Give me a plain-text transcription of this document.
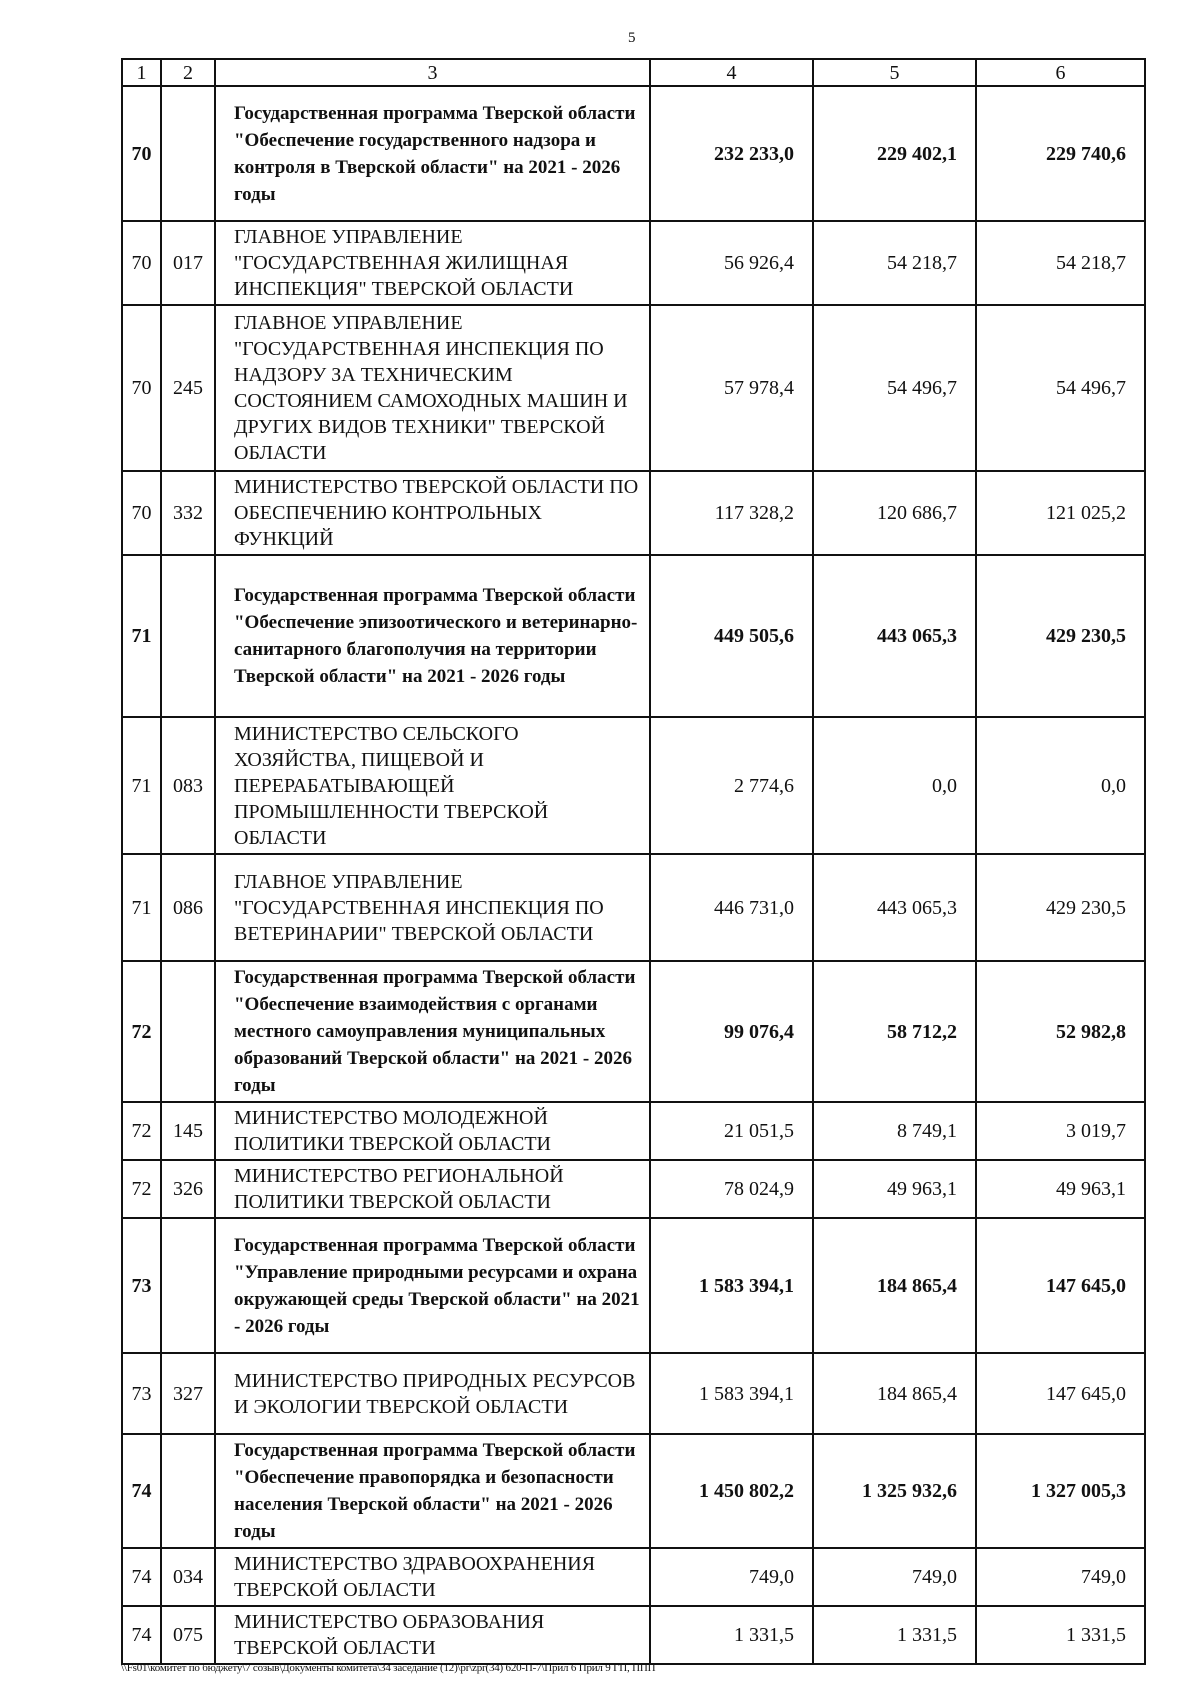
5
1	2	3	4	5	6
70		Государственная программа Тверской области "Обеспечение государственного надзора и контроля в Тверской области" на 2021 - 2026 годы	232 233,0	229 402,1	229 740,6
70	017	ГЛАВНОЕ УПРАВЛЕНИЕ "ГОСУДАРСТВЕННАЯ ЖИЛИЩНАЯ ИНСПЕКЦИЯ" ТВЕРСКОЙ ОБЛАСТИ	56 926,4	54 218,7	54 218,7
70	245	ГЛАВНОЕ УПРАВЛЕНИЕ "ГОСУДАРСТВЕННАЯ ИНСПЕКЦИЯ ПО НАДЗОРУ ЗА ТЕХНИЧЕСКИМ СОСТОЯНИЕМ САМОХОДНЫХ МАШИН И ДРУГИХ ВИДОВ ТЕХНИКИ" ТВЕРСКОЙ ОБЛАСТИ	57 978,4	54 496,7	54 496,7
70	332	МИНИСТЕРСТВО ТВЕРСКОЙ ОБЛАСТИ ПО ОБЕСПЕЧЕНИЮ КОНТРОЛЬНЫХ ФУНКЦИЙ	117 328,2	120 686,7	121 025,2
71		Государственная программа Тверской области "Обеспечение эпизоотического и ветеринарно-санитарного благополучия на территории Тверской области" на 2021 - 2026 годы	449 505,6	443 065,3	429 230,5
71	083	МИНИСТЕРСТВО СЕЛЬСКОГО ХОЗЯЙСТВА, ПИЩЕВОЙ И ПЕРЕРАБАТЫВАЮЩЕЙ ПРОМЫШЛЕННОСТИ ТВЕРСКОЙ ОБЛАСТИ	2 774,6	0,0	0,0
71	086	ГЛАВНОЕ УПРАВЛЕНИЕ "ГОСУДАРСТВЕННАЯ ИНСПЕКЦИЯ ПО ВЕТЕРИНАРИИ" ТВЕРСКОЙ ОБЛАСТИ	446 731,0	443 065,3	429 230,5
72		Государственная программа Тверской области "Обеспечение взаимодействия с органами местного самоуправления муниципальных образований Тверской области" на 2021 - 2026 годы	99 076,4	58 712,2	52 982,8
72	145	МИНИСТЕРСТВО МОЛОДЕЖНОЙ ПОЛИТИКИ ТВЕРСКОЙ ОБЛАСТИ	21 051,5	8 749,1	3 019,7
72	326	МИНИСТЕРСТВО РЕГИОНАЛЬНОЙ ПОЛИТИКИ ТВЕРСКОЙ ОБЛАСТИ	78 024,9	49 963,1	49 963,1
73		Государственная программа Тверской области "Управление природными ресурсами и охрана окружающей среды Тверской области" на 2021 - 2026 годы	1 583 394,1	184 865,4	147 645,0
73	327	МИНИСТЕРСТВО ПРИРОДНЫХ РЕСУРСОВ И ЭКОЛОГИИ ТВЕРСКОЙ ОБЛАСТИ	1 583 394,1	184 865,4	147 645,0
74		Государственная программа Тверской области "Обеспечение правопорядка и безопасности населения Тверской области" на 2021 - 2026 годы	1 450 802,2	1 325 932,6	1 327 005,3
74	034	МИНИСТЕРСТВО ЗДРАВООХРАНЕНИЯ ТВЕРСКОЙ ОБЛАСТИ	749,0	749,0	749,0
74	075	МИНИСТЕРСТВО ОБРАЗОВАНИЯ ТВЕРСКОЙ ОБЛАСТИ	1 331,5	1 331,5	1 331,5
\\Fs01\комитет по бюджету\7 созыв\Документы комитета\34 заседание (12)\pr\zpr(34) 620-П-7\Прил 6 Прил 9 ГП, ППП
